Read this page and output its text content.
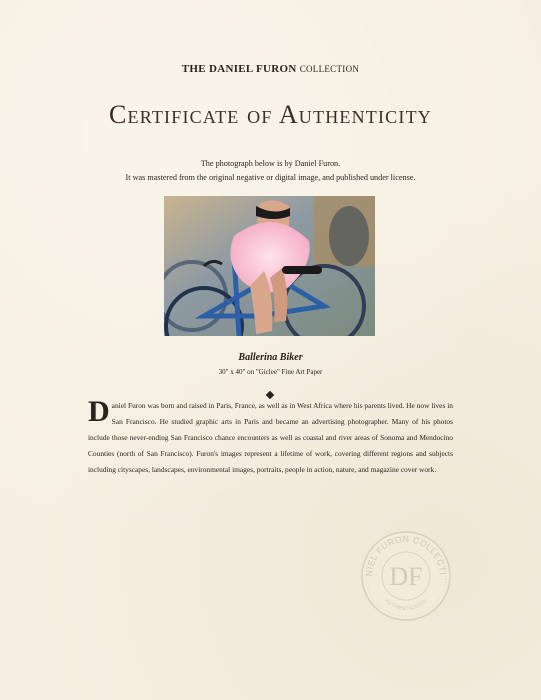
THE DANIEL FURON COLLECTION
Certificate of Authenticity
The photograph below is by Daniel Furon.
It was mastered from the original negative or digital image, and published under license.
Ballerina Biker
30" x 40" on "Giclee" Fine Art Paper
Daniel Furon was born and raised in Paris, France, as well as in West Africa where his parents lived. He now lives in San Francisco. He studied graphic arts in Paris and became an advertising photographer. Many of his photos include those never-ending San Francisco chance encounters as well as coastal and river areas of Sonoma and Mendocino Counties (north of San Francisco). Furon's images represent a lifetime of work, covering different regions and subjects including cityscapes, landscapes, environmental images, portraits, people in action, nature, and magazine cover work.
NIEL FURON COLLECTI
DF
AUTHENTICATED
